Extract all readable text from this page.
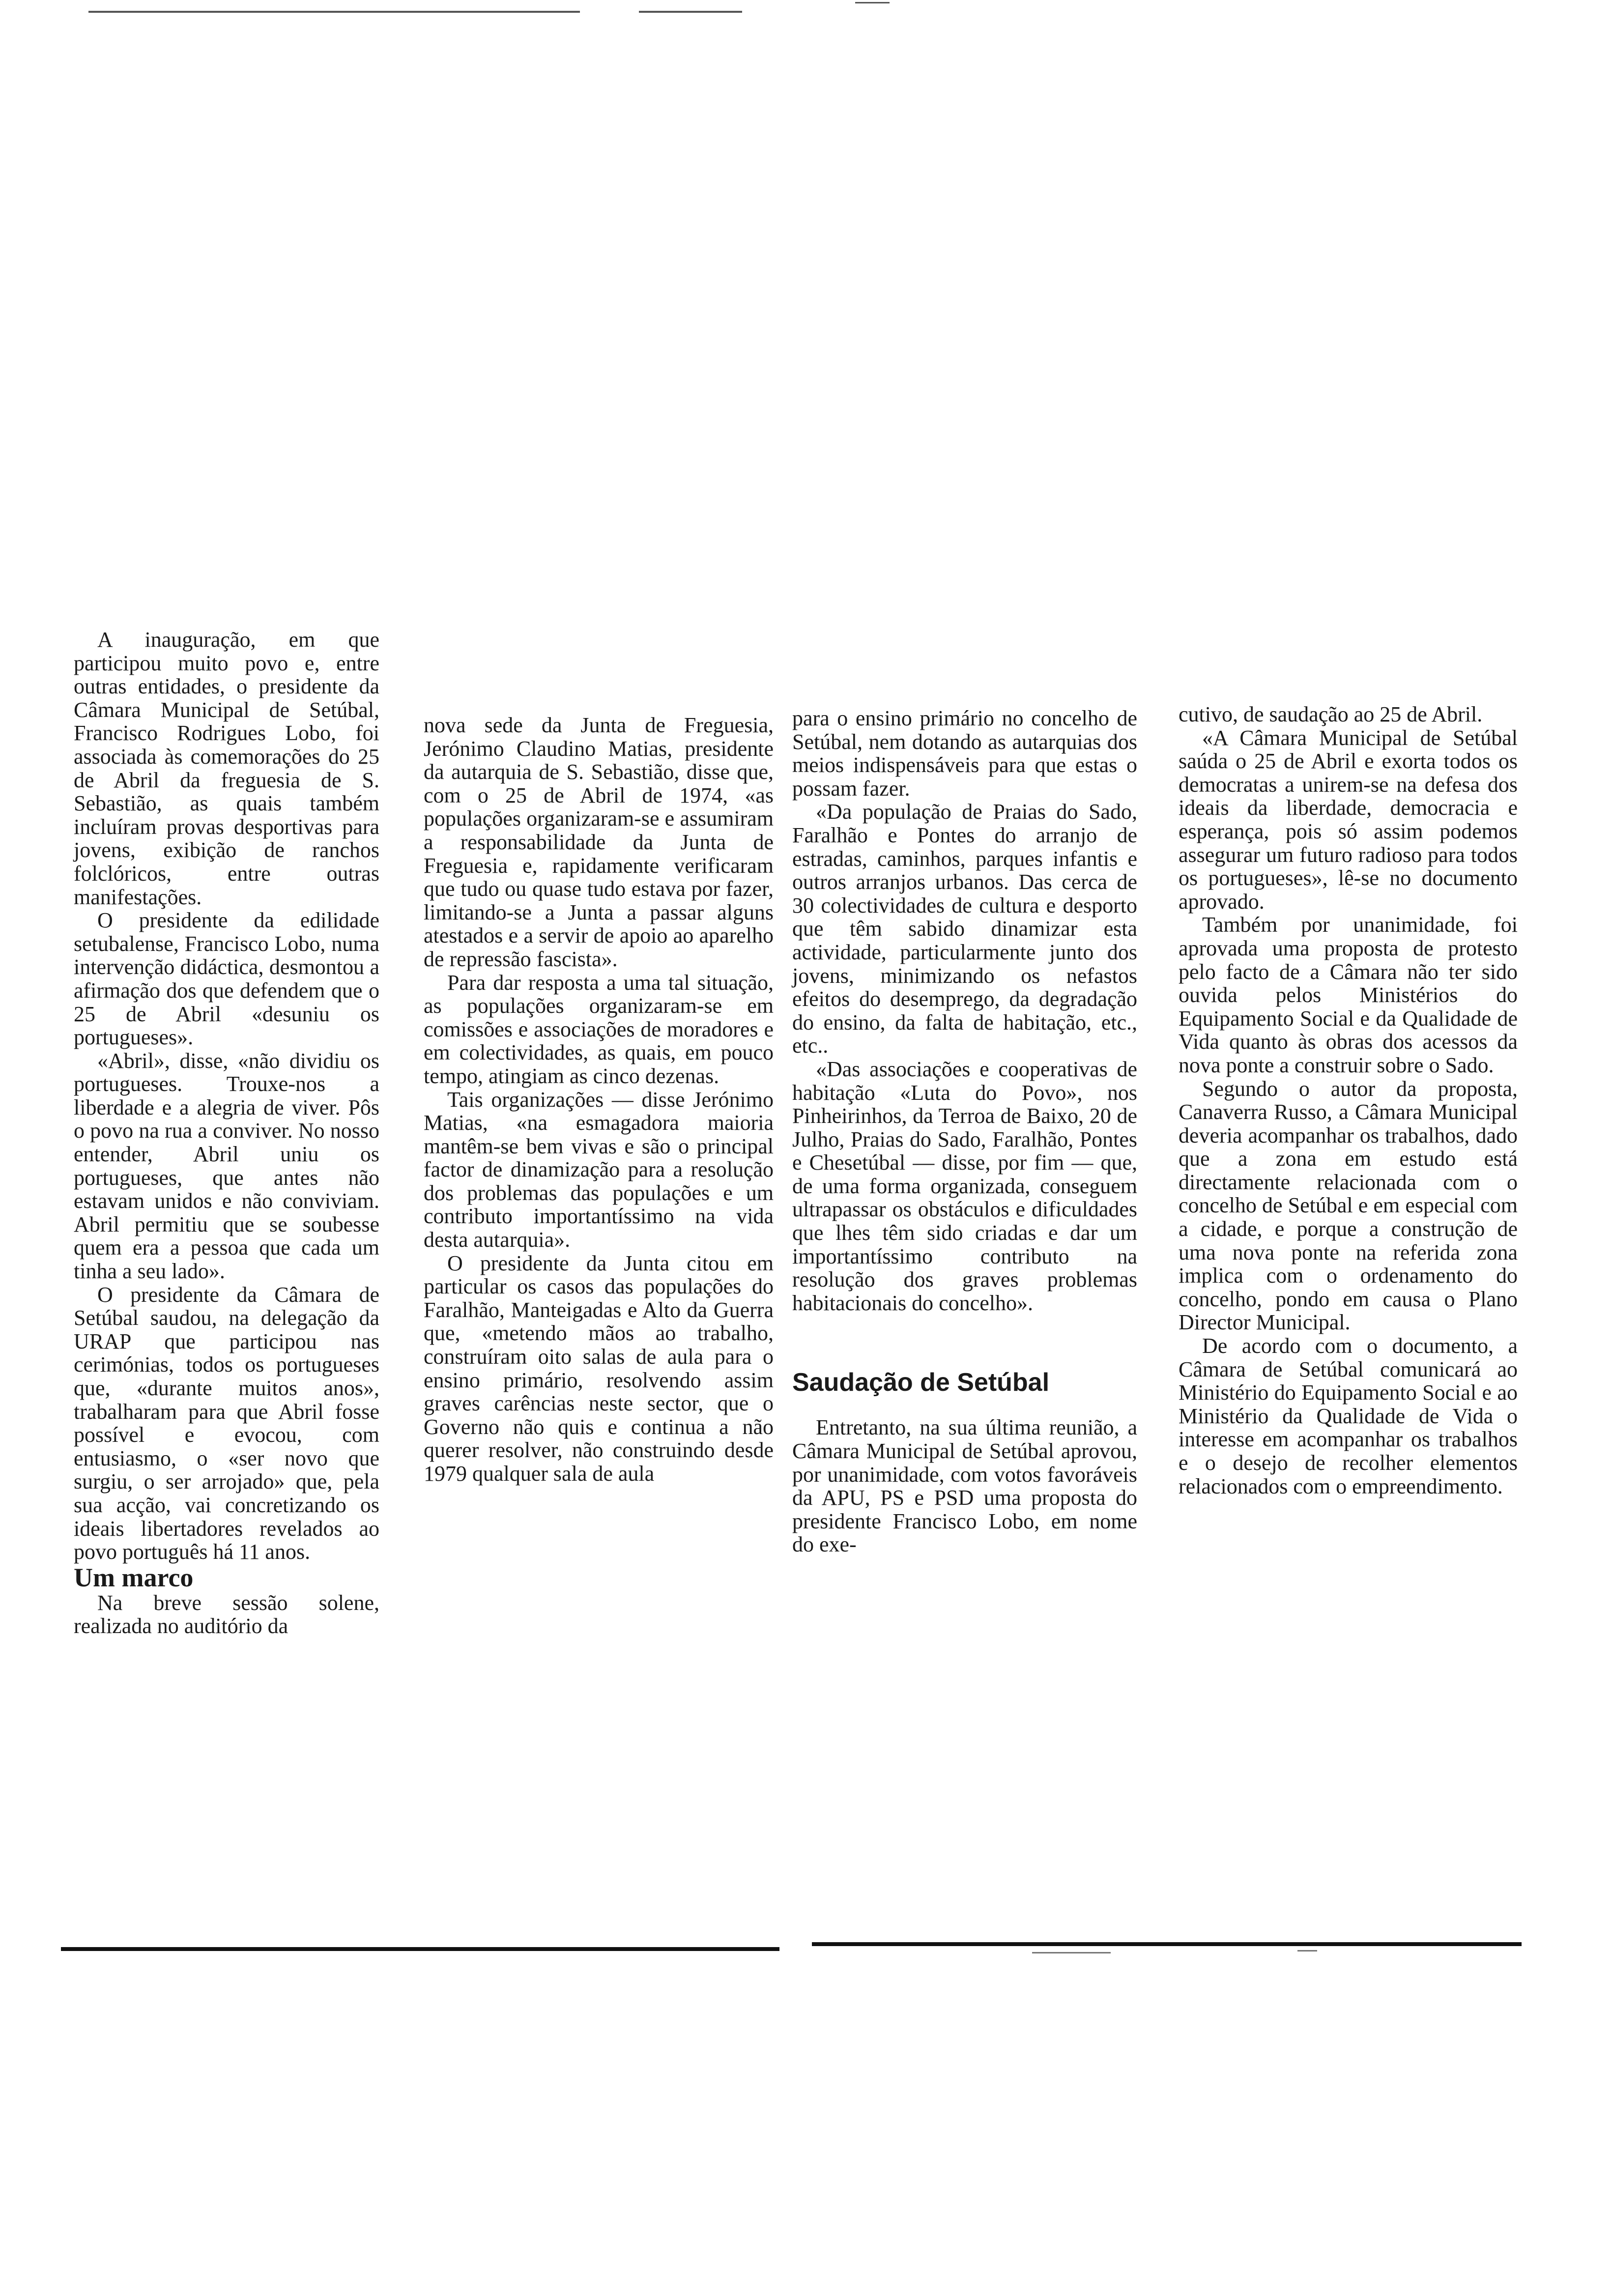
A inauguração, em que participou muito povo e, entre outras entidades, o presidente da Câmara Municipal de Setúbal, Francisco Rodrigues Lobo, foi associada às comemorações do 25 de Abril da freguesia de S. Sebastião, as quais também incluíram provas desportivas para jovens, exibição de ranchos folclóricos, entre outras manifestações.

O presidente da edilidade setubalense, Francisco Lobo, numa intervenção didáctica, desmontou a afirmação dos que defendem que o 25 de Abril «desuniu os portugueses».

«Abril», disse, «não dividiu os portugueses. Trouxe-nos a liberdade e a alegria de viver. Pôs o povo na rua a conviver. No nosso entender, Abril uniu os portugueses, que antes não estavam unidos e não conviviam. Abril permitiu que se soubesse quem era a pessoa que cada um tinha a seu lado».

O presidente da Câmara de Setúbal saudou, na delegação da URAP que participou nas cerimónias, todos os portugueses que, «durante muitos anos», trabalharam para que Abril fosse possível e evocou, com entusiasmo, o «ser novo que surgiu, o ser arrojado» que, pela sua acção, vai concretizando os ideais libertadores revelados ao povo português há 11 anos.

Um marco

Na breve sessão solene, realizada no auditório da

nova sede da Junta de Freguesia, Jerónimo Claudino Matias, presidente da autarquia de S. Sebastião, disse que, com o 25 de Abril de 1974, «as populações organizaram-se e assumiram a responsabilidade da Junta de Freguesia e, rapidamente verificaram que tudo ou quase tudo estava por fazer, limitando-se a Junta a passar alguns atestados e a servir de apoio ao aparelho de repressão fascista».

Para dar resposta a uma tal situação, as populações organizaram-se em comissões e associações de moradores e em colectividades, as quais, em pouco tempo, atingiam as cinco dezenas.

Tais organizações — disse Jerónimo Matias, «na esmagadora maioria mantêm-se bem vivas e são o principal factor de dinamização para a resolução dos problemas das populações e um contributo importantíssimo na vida desta autarquia».

O presidente da Junta citou em particular os casos das populações do Faralhão, Manteigadas e Alto da Guerra que, «metendo mãos ao trabalho, construíram oito salas de aula para o ensino primário, resolvendo assim graves carências neste sector, que o Governo não quis e continua a não querer resolver, não construindo desde 1979 qualquer sala de aula

para o ensino primário no concelho de Setúbal, nem dotando as autarquias dos meios indispensáveis para que estas o possam fazer.

«Da população de Praias do Sado, Faralhão e Pontes do arranjo de estradas, caminhos, parques infantis e outros arranjos urbanos. Das cerca de 30 colectividades de cultura e desporto que têm sabido dinamizar esta actividade, particularmente junto dos jovens, minimizando os nefastos efeitos do desemprego, da degradação do ensino, da falta de habitação, etc., etc..

«Das associações e cooperativas de habitação «Luta do Povo», nos Pinheirinhos, da Terroa de Baixo, 20 de Julho, Praias do Sado, Faralhão, Pontes e Chesetúbal — disse, por fim — que, de uma forma organizada, conseguem ultrapassar os obstáculos e dificuldades que lhes têm sido criadas e dar um importantíssimo contributo na resolução dos graves problemas habitacionais do concelho».

Saudação de Setúbal

Entretanto, na sua última reunião, a Câmara Municipal de Setúbal aprovou, por unanimidade, com votos favoráveis da APU, PS e PSD uma proposta do presidente Francisco Lobo, em nome do exe-

cutivo, de saudação ao 25 de Abril.

«A Câmara Municipal de Setúbal saúda o 25 de Abril e exorta todos os democratas a unirem-se na defesa dos ideais da liberdade, democracia e esperança, pois só assim podemos assegurar um futuro radioso para todos os portugueses», lê-se no documento aprovado.

Também por unanimidade, foi aprovada uma proposta de protesto pelo facto de a Câmara não ter sido ouvida pelos Ministérios do Equipamento Social e da Qualidade de Vida quanto às obras dos acessos da nova ponte a construir sobre o Sado.

Segundo o autor da proposta, Canaverra Russo, a Câmara Municipal deveria acompanhar os trabalhos, dado que a zona em estudo está directamente relacionada com o concelho de Setúbal e em especial com a cidade, e porque a construção de uma nova ponte na referida zona implica com o ordenamento do concelho, pondo em causa o Plano Director Municipal.

De acordo com o documento, a Câmara de Setúbal comunicará ao Ministério do Equipamento Social e ao Ministério da Qualidade de Vida o interesse em acompanhar os trabalhos e o desejo de recolher elementos relacionados com o empreendimento.
